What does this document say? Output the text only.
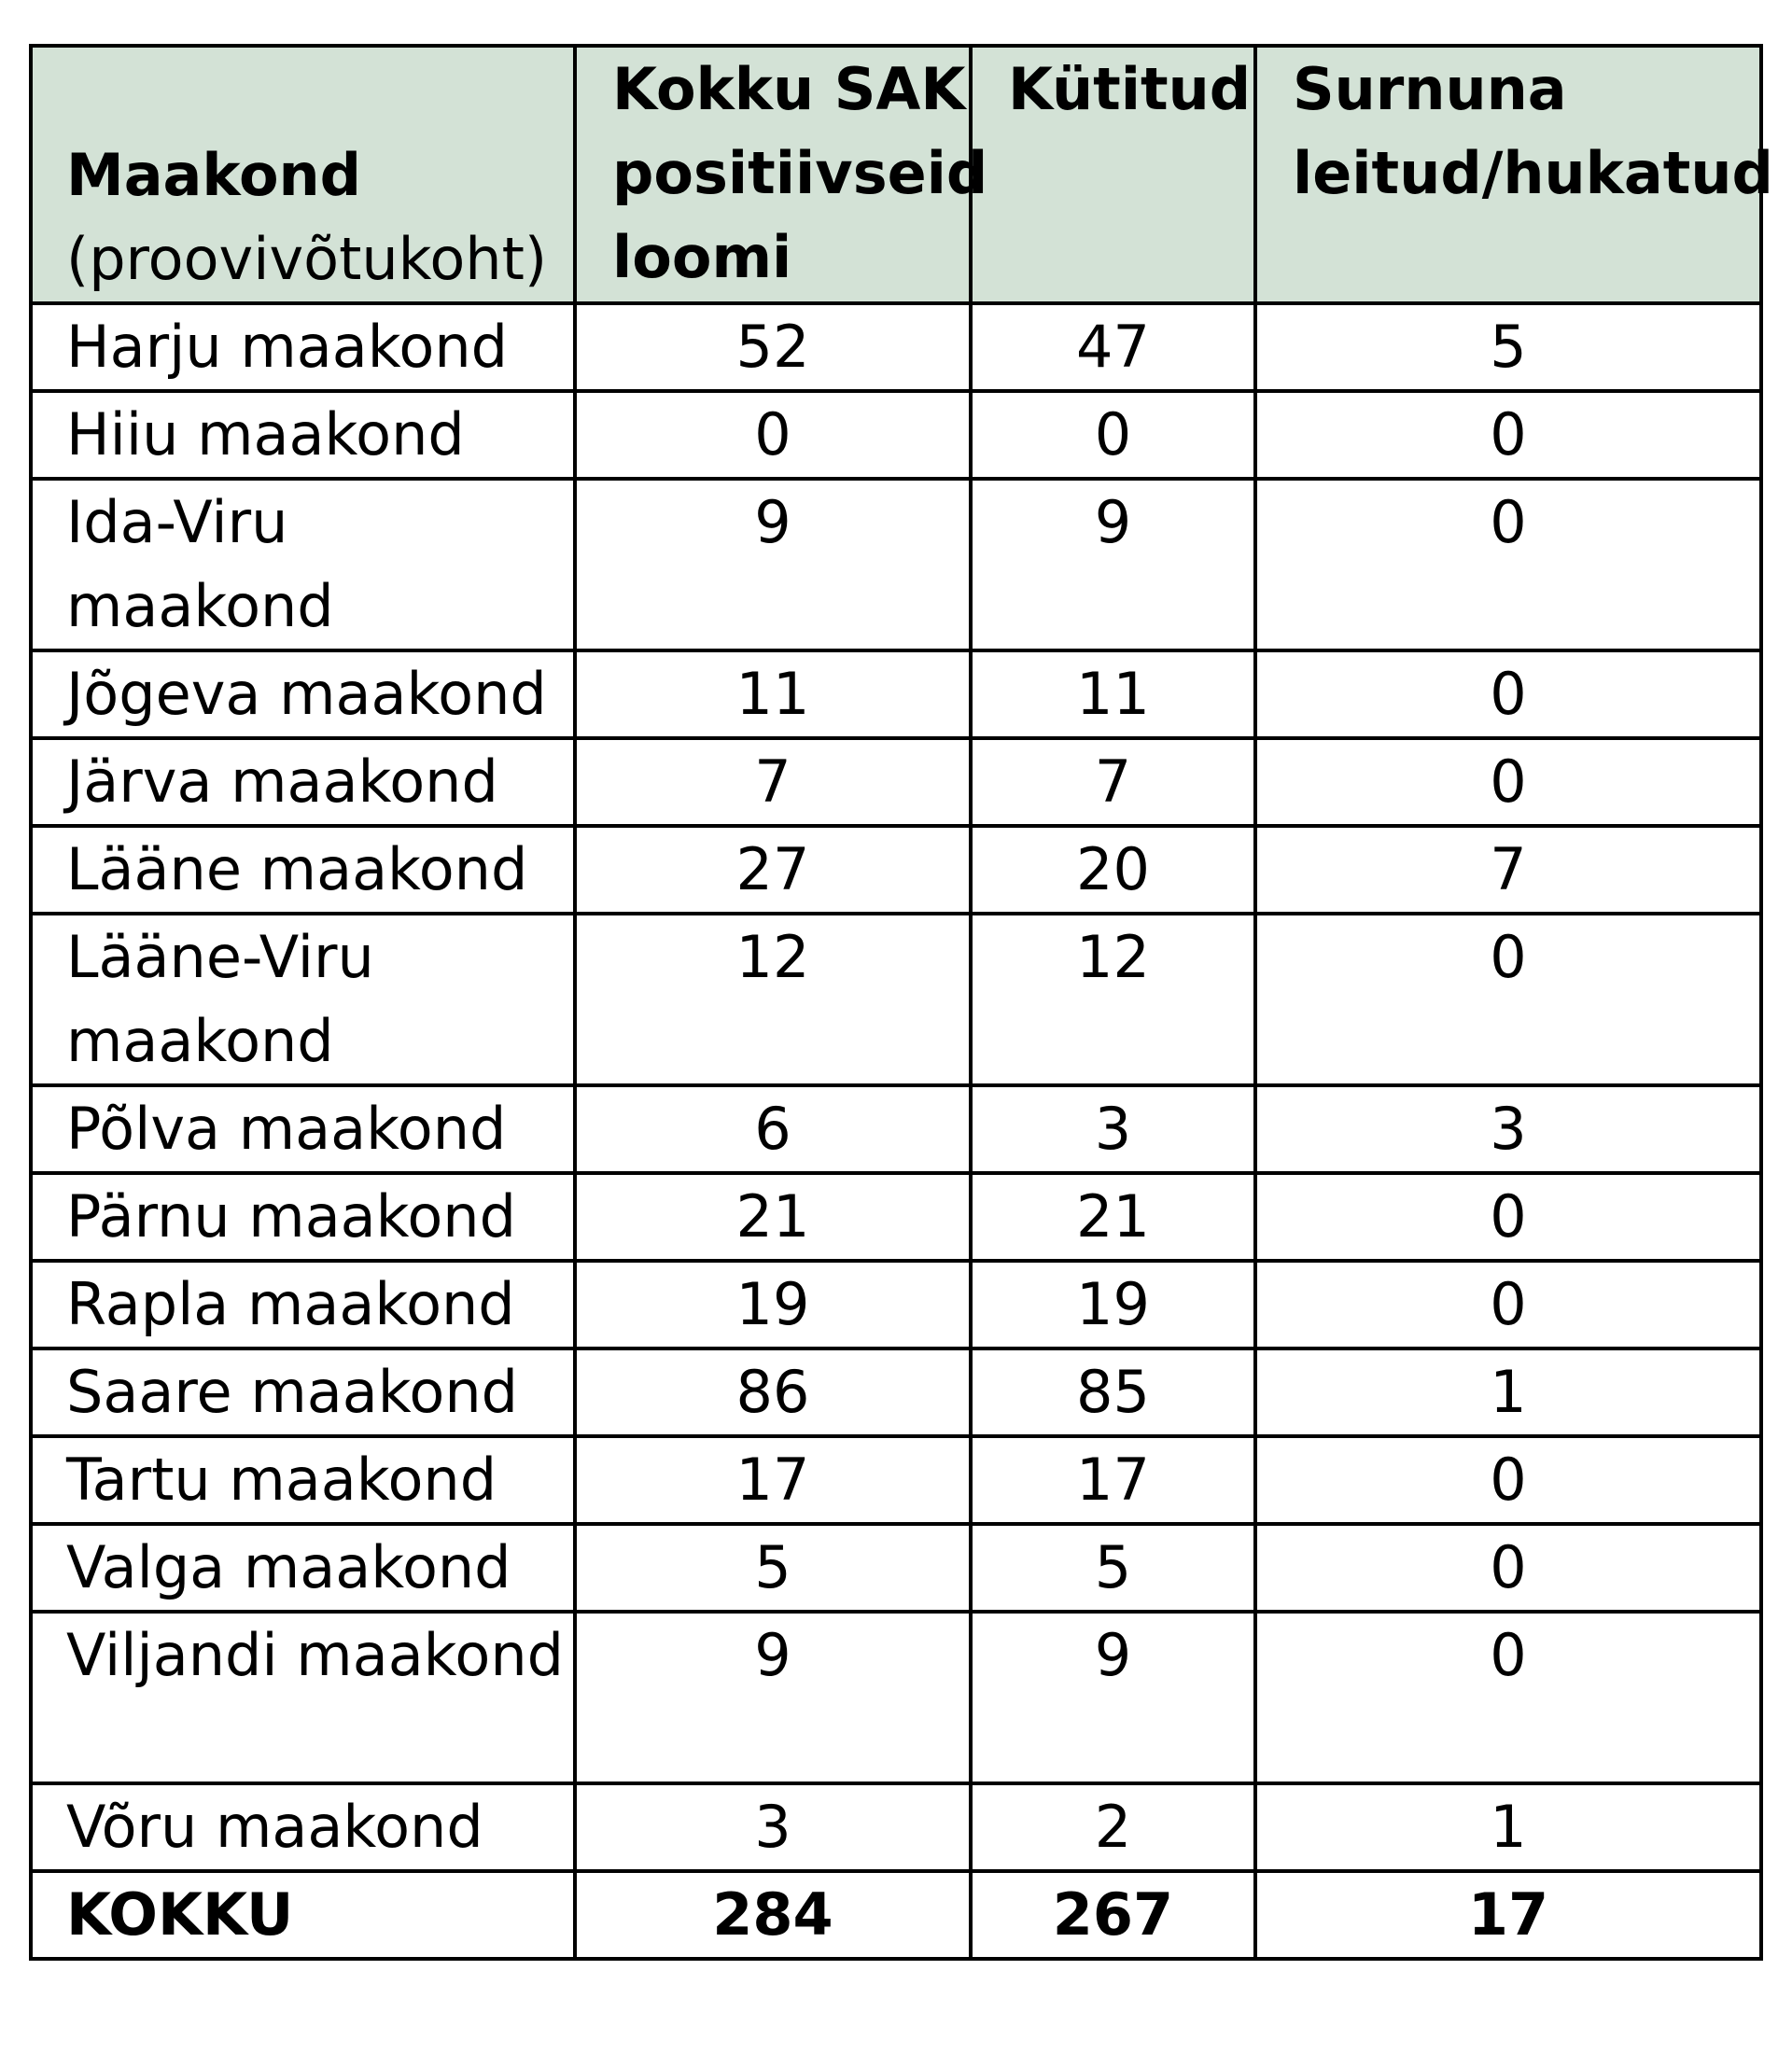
Maakond
(proovivõtukoht)	Kokku SAK positiivseid loomi	Kütitud	Surnuna leitud/hukatud
Harju maakond	52	47	5
Hiiu maakond	0	0	0
Ida-Viru maakond	9	9	0
Jõgeva maakond	11	11	0
Järva maakond	7	7	0
Lääne maakond	27	20	7
Lääne-Viru maakond	12	12	0
Põlva maakond	6	3	3
Pärnu maakond	21	21	0
Rapla maakond	19	19	0
Saare maakond	86	85	1
Tartu maakond	17	17	0
Valga maakond	5	5	0
Viljandi maakond	9	9	0
Võru maakond	3	2	1
KOKKU	284	267	17
